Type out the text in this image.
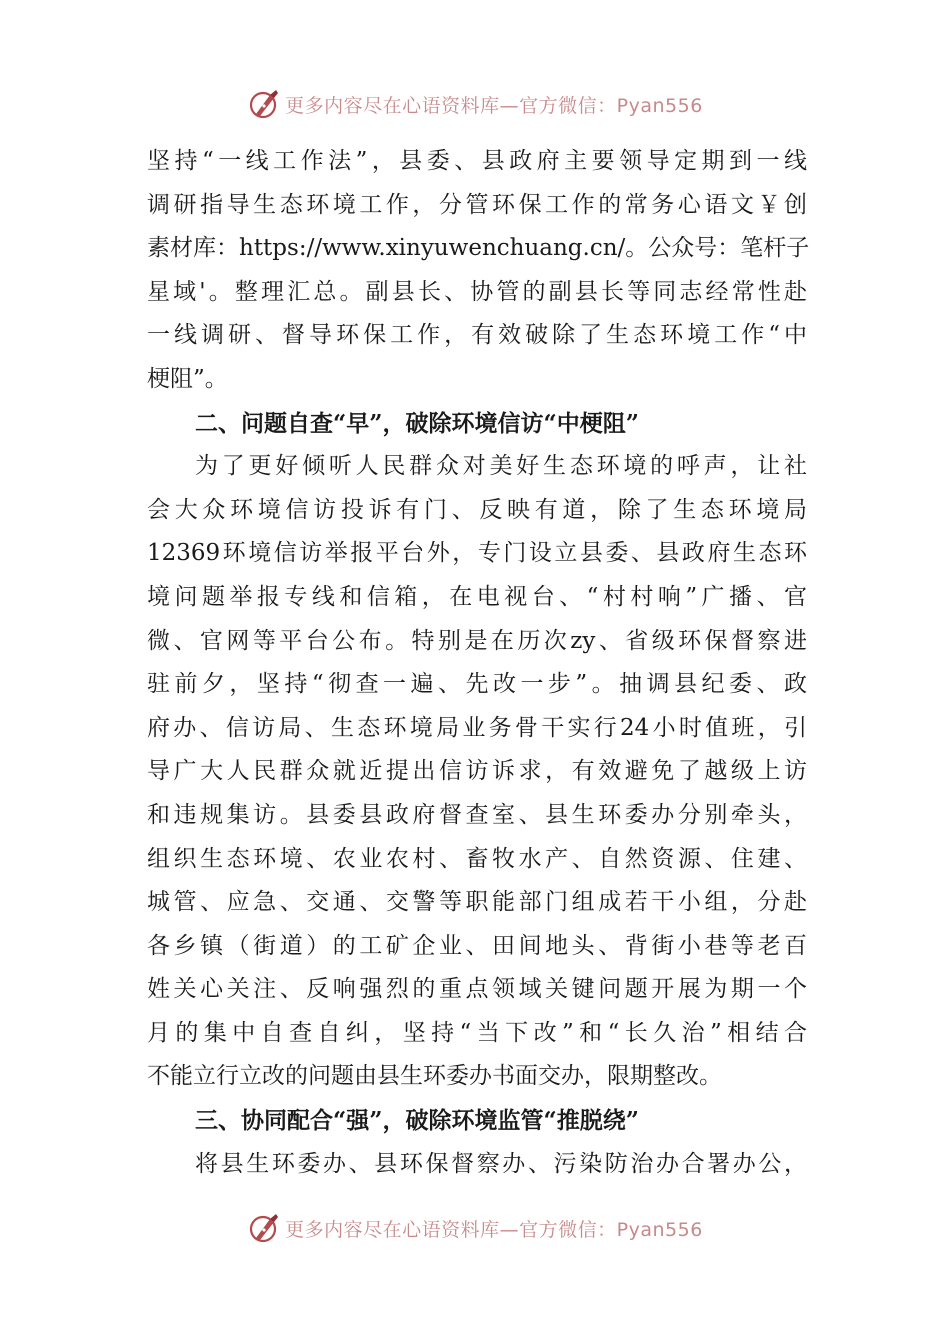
更多内容尽在心语资料库—官方微信：Pyan556
坚持“一线工作法”，县委、县政府主要领导定期到一线
调研指导生态环境工作，分管环保工作的常务心语文￥创
素材库：https://www.xinyuwenchuang.cn/。公众号：笔杆子
星域'。整理汇总。副县长、协管的副县长等同志经常性赴
一线调研、督导环保工作，有效破除了生态环境工作“中
梗阻”。
二、问题自查“早”，破除环境信访“中梗阻”
为了更好倾听人民群众对美好生态环境的呼声，让社
会大众环境信访投诉有门、反映有道，除了生态环境局
12369环境信访举报平台外，专门设立县委、县政府生态环
境问题举报专线和信箱，在电视台、“村村响”广播、官
微、官网等平台公布。特别是在历次zy、省级环保督察进
驻前夕，坚持“彻查一遍、先改一步”。抽调县纪委、政
府办、信访局、生态环境局业务骨干实行24小时值班，引
导广大人民群众就近提出信访诉求，有效避免了越级上访
和违规集访。县委县政府督查室、县生环委办分别牵头，
组织生态环境、农业农村、畜牧水产、自然资源、住建、
城管、应急、交通、交警等职能部门组成若干小组，分赴
各乡镇（街道）的工矿企业、田间地头、背街小巷等老百
姓关心关注、反响强烈的重点领域关键问题开展为期一个
月的集中自查自纠，坚持“当下改”和“长久治”相结合
不能立行立改的问题由县生环委办书面交办，限期整改。
三、协同配合“强”，破除环境监管“推脱绕”
将县生环委办、县环保督察办、污染防治办合署办公，
更多内容尽在心语资料库—官方微信：Pyan556
